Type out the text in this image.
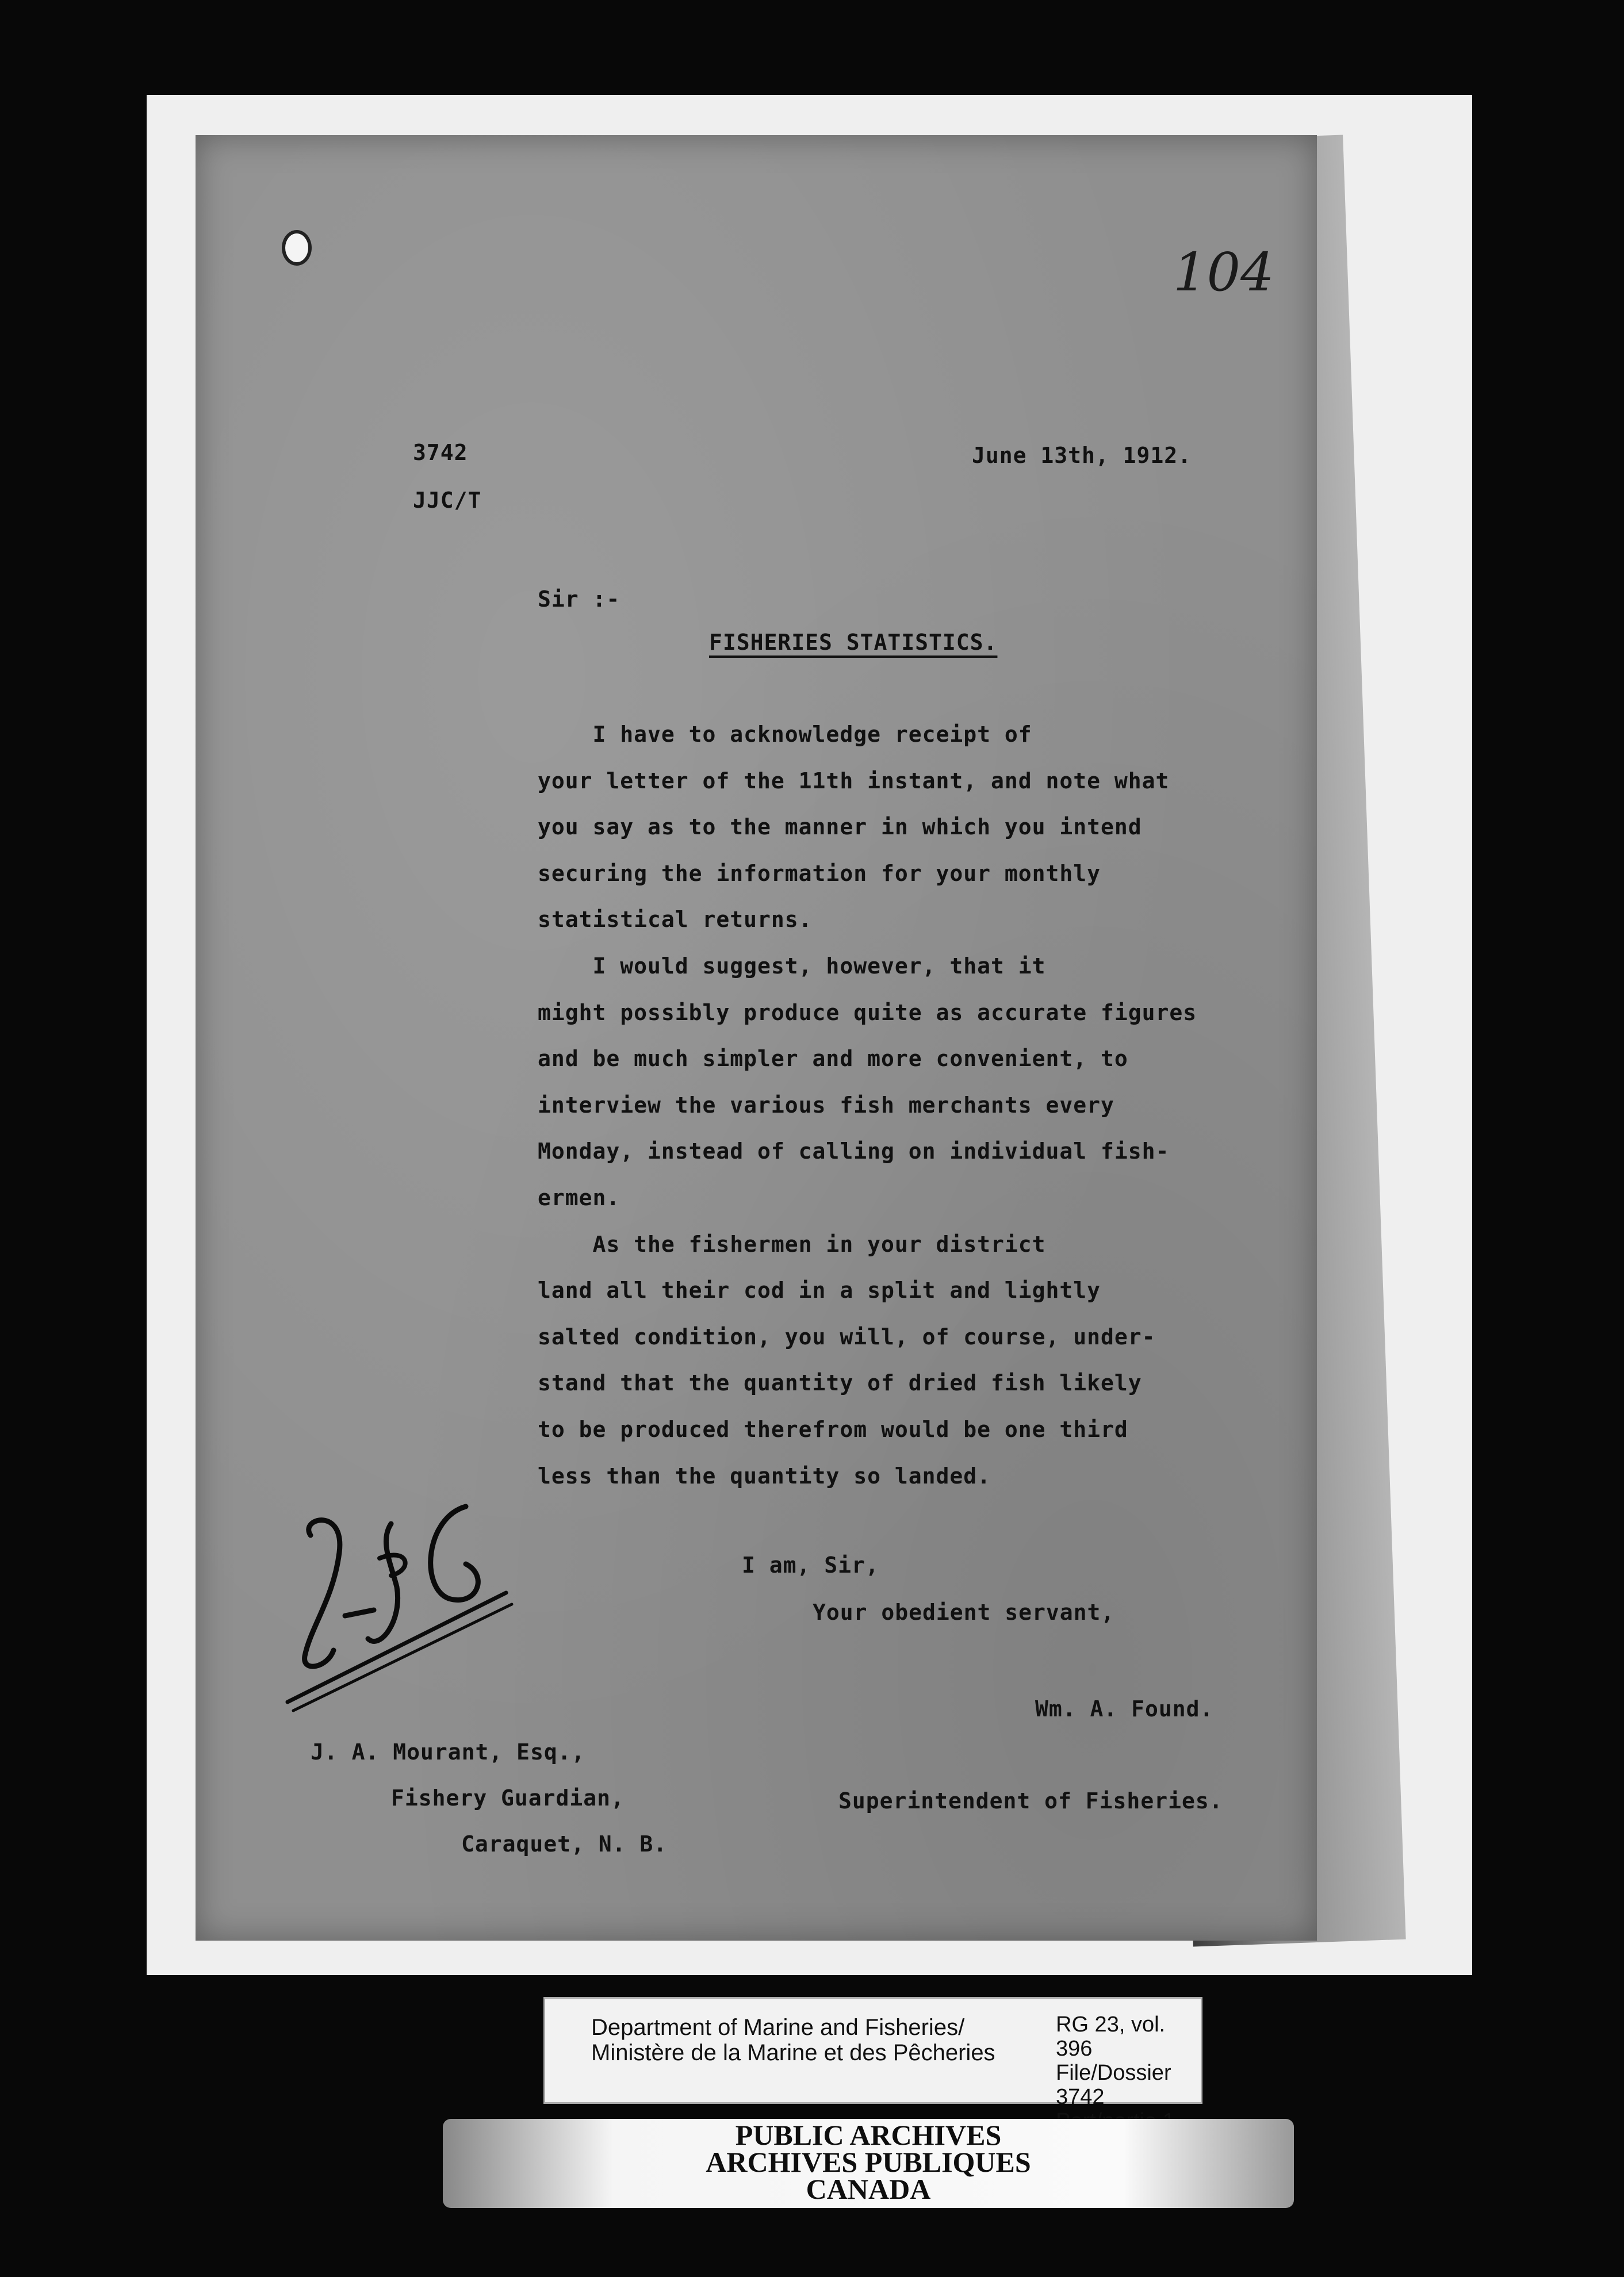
104
3742
JJC/T
June 13th, 1912.
Sir :-
FISHERIES STATISTICS.
I have to acknowledge receipt of
your letter of the 11th instant, and note what
you say as to the manner in which you intend
securing the information for your monthly
statistical returns.
I would suggest, however, that it
might possibly produce quite as accurate figures
and be much simpler and more convenient, to
interview the various fish merchants every
Monday, instead of calling on individual fish-
ermen.
As the fishermen in your district
land all their cod in a split and lightly
salted condition, you will, of course, under-
stand that the quantity of dried fish likely
to be produced therefrom would be one third
less than the quantity so landed.
I am, Sir,
Your obedient servant,
Wm. A. Found.
J. A. Mourant, Esq.,
Fishery Guardian,
Caraquet, N. B.
Superintendent of Fisheries.
Department of Marine and Fisheries/
Ministère de la Marine et des Pêcheries
RG 23, vol. 396
File/Dossier 3742
PUBLIC ARCHIVES
ARCHIVES PUBLIQUES
CANADA
